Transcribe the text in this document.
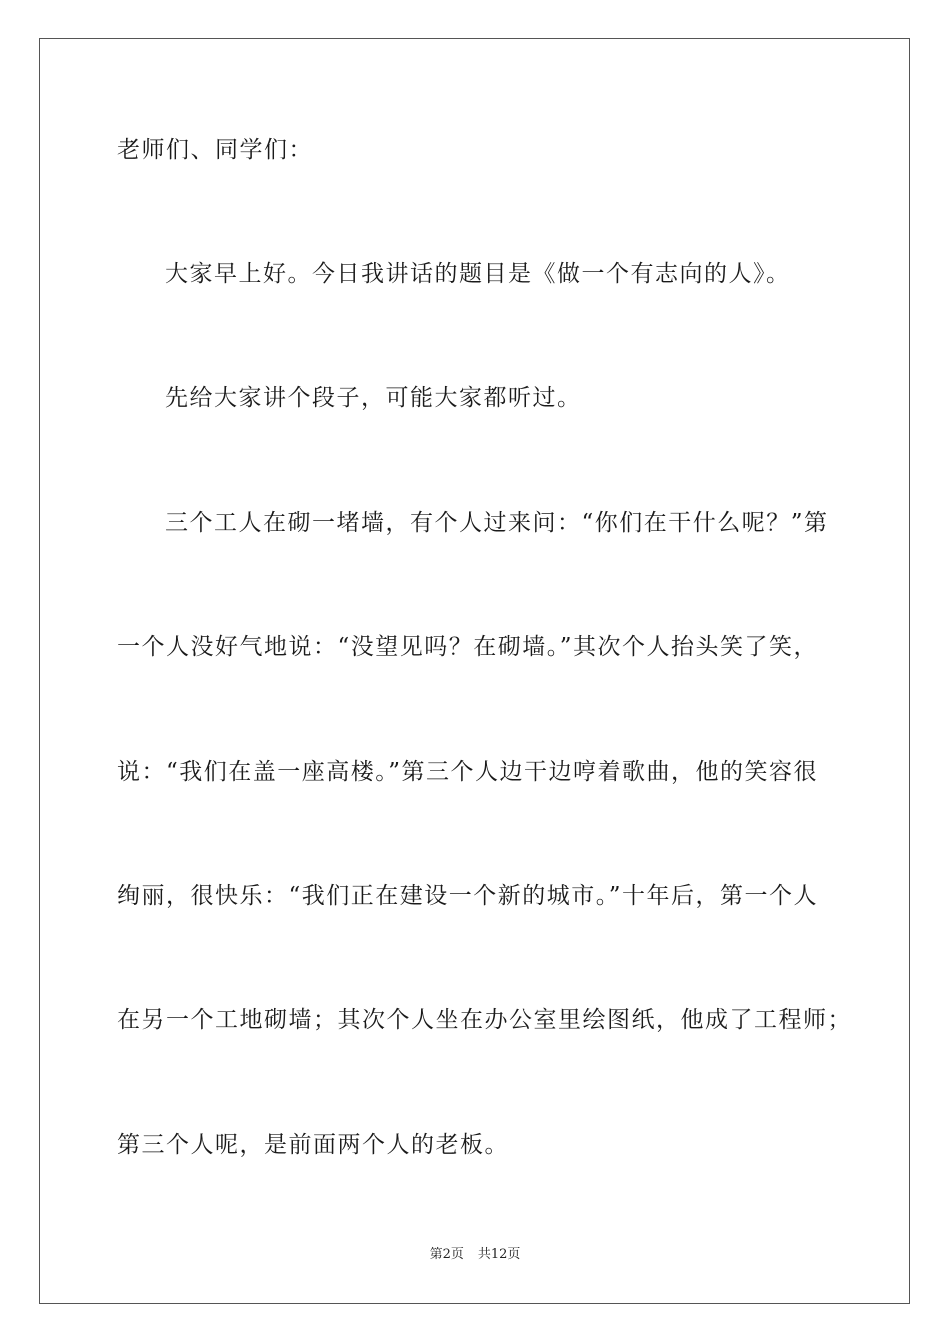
老师们、同学们：
大家早上好。今日我讲话的题目是《做一个有志向的人》。
先给大家讲个段子，可能大家都听过。
三个工人在砌一堵墙，有个人过来问：“你们在干什么呢？”第
一个人没好气地说：“没望见吗？在砌墙。”其次个人抬头笑了笑，
说：“我们在盖一座高楼。”第三个人边干边哼着歌曲，他的笑容很
绚丽，很快乐：“我们正在建设一个新的城市。”十年后，第一个人
在另一个工地砌墙；其次个人坐在办公室里绘图纸，他成了工程师；
第三个人呢，是前面两个人的老板。
第2页 共12页
